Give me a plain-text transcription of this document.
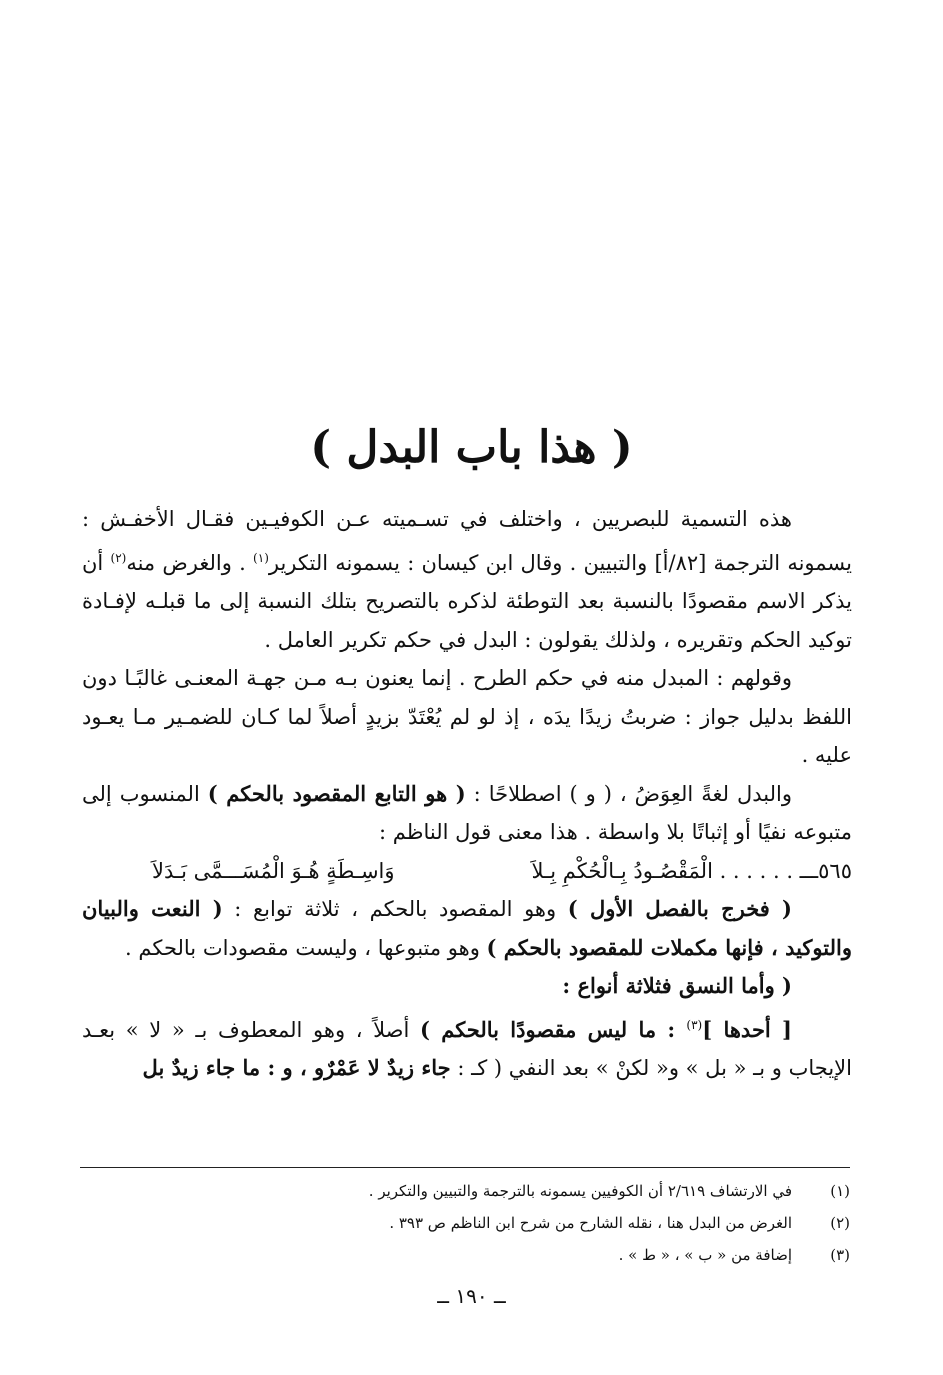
( هذا باب البدل )

هذه التسمية للبصريين ، واختلف في تسـميته عـن الكوفيـين فقـال الأخفـش : يسمونه الترجمة [٨٢/أ] والتبيين . وقال ابن كيسان : يسمونه التكرير$^{(١)}$ . والغرض منه$^{(٢)}$ أن يذكر الاسم مقصودًا بالنسبة بعد التوطئة لذكره بالتصريح بتلك النسبة إلى ما قبلـه لإفـادة توكيد الحكم وتقريره ، ولذلك يقولون : البدل في حكم تكرير العامل .

وقولهم : المبدل منه في حكم الطرح . إنما يعنون بـه مـن جهـة المعنـى غالبًـا دون اللفظ بدليل جواز : ضربتُ زيدًا يدَه ، إذ لو لم يُعْتَدّ بزيدٍ أصلاً لما كـان للضمـير مـا يعـود عليه .

والبدل لغةً العِوَضُ ، ( و ) اصطلاحًا : ( هو التابع المقصود بالحكم ) المنسوب إلى متبوعه نفيًا أو إثباتًا بلا واسطة . هذا معنى قول الناظم :

٥٦٥ـــ . . . . . . الْمَقْصُـودُ بِـالْحُكْمِ بِـلاَ
وَاسِـطَةٍ هُـوَ الْمُسَـــمَّى بَـدَلاَ

( فخرج بالفصل الأول ) وهو المقصود بالحكم ، ثلاثة توابع : ( النعت والبيان والتوكيد ، فإنها مكملات للمقصود بالحكم ) وهو متبوعها ، وليست مقصودات بالحكم .

( وأما النسق فثلاثة أنواع :

[ أحدها ]$^{(٣)}$ : ما ليس مقصودًا بالحكم ) أصلاً ، وهو المعطوف بـ « لا » بعـد الإيجاب و بـ « بل » و« لكنْ » بعد النفي ( كـ : جاء زيدٌ لا عَمْرٌو ، و : ما جاء زيدٌ بل

(١)
في الارتشاف ٢/٦١٩ أن الكوفيين يسمونه بالترجمة والتبيين والتكرير .
(٢)
الغرض من البدل هنا ، نقله الشارح من شرح ابن الناظم ص ٣٩٣ .
(٣)
إضافة من « ب » ، « ط » .
ــ ١٩٠ ــ
